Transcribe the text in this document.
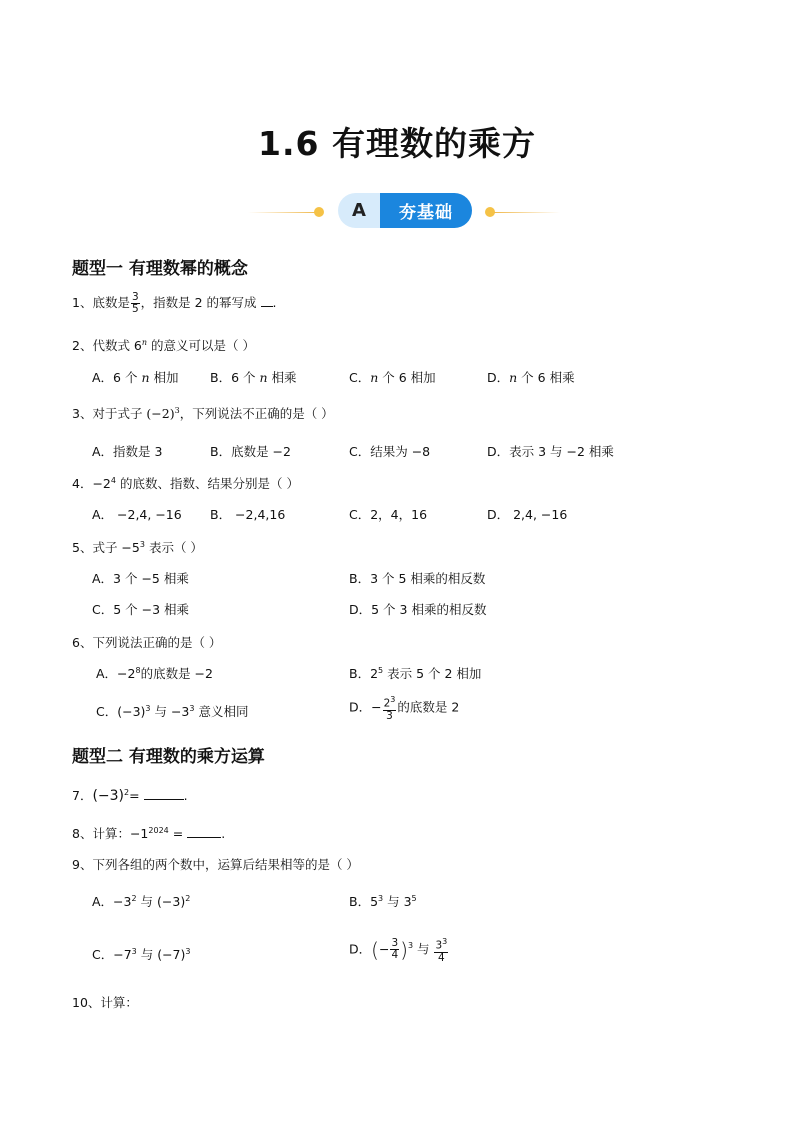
1.6 有理数的乘方
A	夯基础
题型一 有理数幂的概念
1、底数是 $\frac{3}{5}$ ，指数是 2 的幂写成 .
2、代数式 6$^n$ 的意义可以是（ ）
A．6 个 n 相加	B．6 个 n 相乘	C．n 个 6 相加	D．n 个 6 相乘
3、对于式子 $(-2)^3$，下列说法不正确的是（ ）
A．指数是 3	B．底数是 −2	C．结果为 −8	D．表示 3 与 −2 相乘
4．$-2^4$ 的底数、指数、结果分别是（ ）
A． −2,4, −16 B． −2,4,16	C．2，4，16	D． 2,4, −16
5、式子 $-5^3$ 表示（ ）
A．3 个 −5 相乘	B．3 个 5 相乘的相反数
C．5 个 −3 相乘	D．5 个 3 相乘的相反数
6、下列说法正确的是（ ）
A．$-2^8$的底数是 −2	B．$2^5$ 表示 5 个 2 相加
C．$(-3)^3$ 与 $-3^3$ 意义相同	D．− $\frac{2^3}{3}$ 的底数是 2
题型二 有理数的乘方运算
7．$(-3)^2=$	.
8、计算：$-1^{2024}$ =	.
9、下列各组的两个数中，运算后结果相等的是（ ）
A．$-3^2$ 与 $(-3)^2$	B．$5^3$ 与 $3^5$
C．$-7^3$ 与 $(-7)^3$	D．(− $\frac{3}{4} )^3$ 与 $\frac{3^3}{4}$
10、计算：
